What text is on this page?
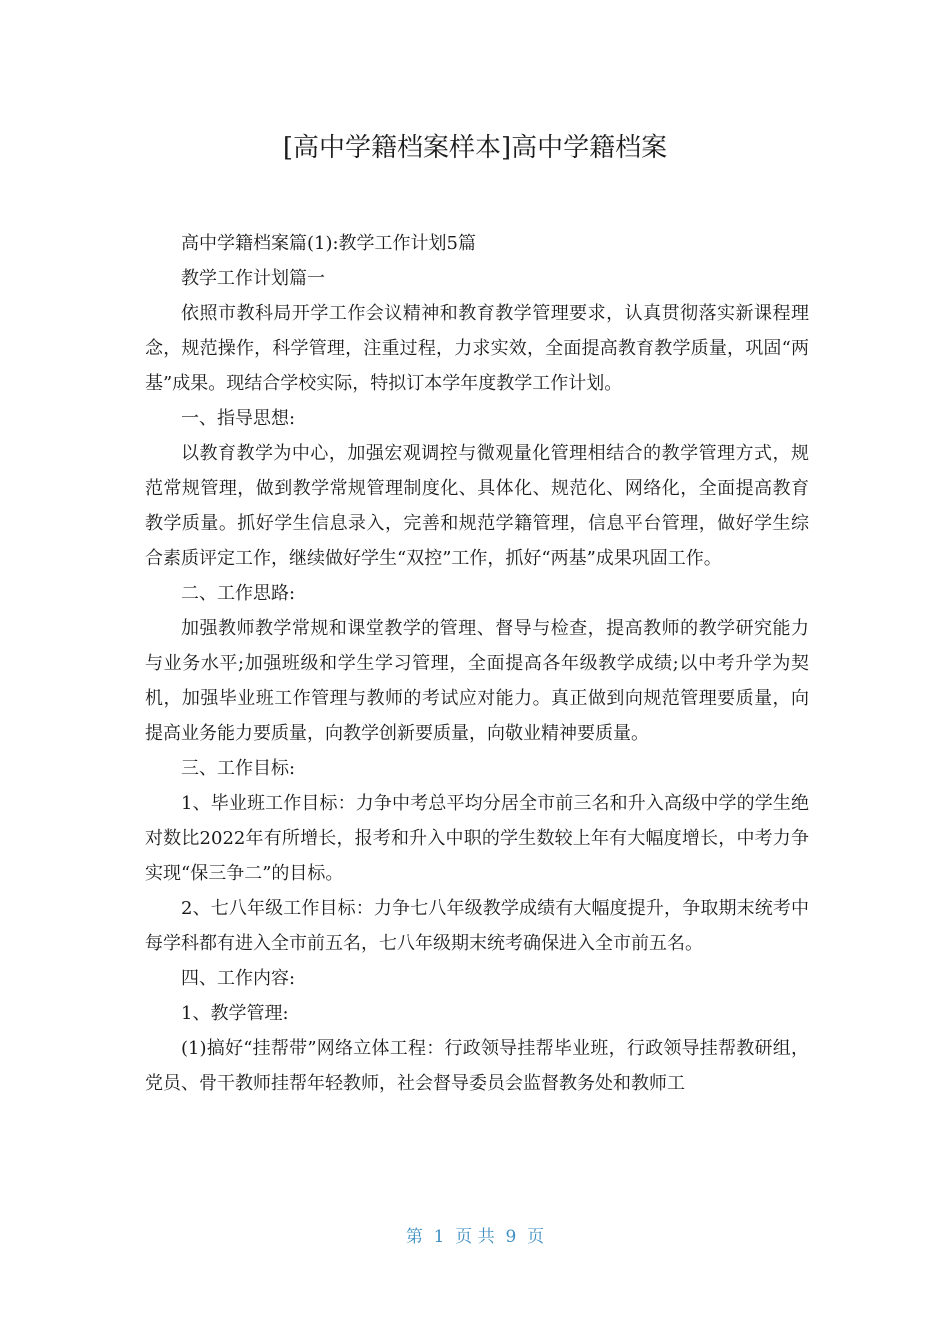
[高中学籍档案样本]高中学籍档案

高中学籍档案篇(1):教学工作计划5篇

教学工作计划篇一

依照市教科局开学工作会议精神和教育教学管理要求，认真贯彻落实新课程理念，规范操作，科学管理，注重过程，力求实效，全面提高教育教学质量，巩固“两基”成果。现结合学校实际，特拟订本学年度教学工作计划。

一、指导思想:

以教育教学为中心，加强宏观调控与微观量化管理相结合的教学管理方式，规范常规管理，做到教学常规管理制度化、具体化、规范化、网络化，全面提高教育教学质量。抓好学生信息录入，完善和规范学籍管理，信息平台管理，做好学生综合素质评定工作，继续做好学生“双控”工作，抓好“两基”成果巩固工作。

二、工作思路:

加强教师教学常规和课堂教学的管理、督导与检查，提高教师的教学研究能力与业务水平;加强班级和学生学习管理，全面提高各年级教学成绩;以中考升学为契机，加强毕业班工作管理与教师的考试应对能力。真正做到向规范管理要质量，向提高业务能力要质量，向教学创新要质量，向敬业精神要质量。

三、工作目标:

1、毕业班工作目标：力争中考总平均分居全市前三名和升入高级中学的学生绝对数比2022年有所增长，报考和升入中职的学生数较上年有大幅度增长，中考力争实现“保三争二”的目标。

2、七八年级工作目标：力争七八年级教学成绩有大幅度提升，争取期末统考中每学科都有进入全市前五名，七八年级期末统考确保进入全市前五名。

四、工作内容:

1、教学管理:

(1)搞好“挂帮带”网络立体工程：行政领导挂帮毕业班，行政领导挂帮教研组，党员、骨干教师挂帮年轻教师，社会督导委员会监督教务处和教师工

第  1  页 共  9  页
